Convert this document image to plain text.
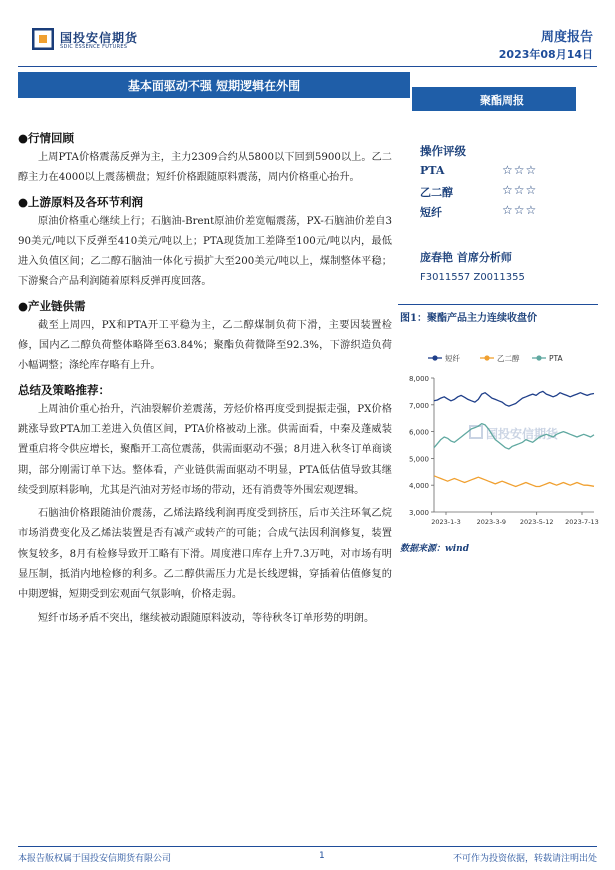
国投安信期货
SDIC ESSENCE FUTURES
周度报告
2023年08月14日
基本面驱动不强 短期逻辑在外围
聚酯周报
●行情回顾

上周PTA价格震荡反弹为主，主力2309合约从5800以下回到5900以上。乙二醇主力在4000以上震荡横盘；短纤价格跟随原料震荡，周内价格重心抬升。

●上游原料及各环节利润

原油价格重心继续上行；石脑油-Brent原油价差宽幅震荡，PX-石脑油价差自390美元/吨以下反弹至410美元/吨以上；PTA现货加工差降至100元/吨以内，最低进入负值区间；乙二醇石脑油一体化亏损扩大至200美元/吨以上，煤制整体平稳；下游聚合产品利润随着原料反弹再度回落。

●产业链供需

截至上周四，PX和PTA开工平稳为主，乙二醇煤制负荷下滑，主要因装置检修，国内乙二醇负荷整体略降至63.84%；聚酯负荷微降至92.3%，下游织造负荷小幅调整；涤纶库存略有上升。

总结及策略推荐：

上周油价重心抬升，汽油裂解价差震荡，芳烃价格再度受到提振走强，PX价格跳涨导致PTA加工差进入负值区间，PTA价格被动上涨。供需面看，中秦及蓬威装置重启将令供应增长，聚酯开工高位震荡，供需面驱动不强；8月进入秋冬订单商谈期，部分刚需订单下达。整体看，产业链供需面驱动不明显，PTA低估值导致其继续受到原料影响，尤其是汽油对芳烃市场的带动，还有消费等外围宏观逻辑。

石脑油价格跟随油价震荡，乙烯法路线利润再度受到挤压，后市关注环氧乙烷市场消费变化及乙烯法装置是否有减产或转产的可能；合成气法因利润修复，装置恢复较多，8月有检修导致开工略有下滑。周度港口库存上升7.3万吨，对市场有明显压制，抵消内地检修的利多。乙二醇供需压力尤是长线逻辑，穿插着估值修复的中期逻辑，短期受到宏观面气氛影响，价格走弱。

短纤市场矛盾不突出，继续被动跟随原料波动，等待秋冬订单形势的明朗。

操作评级
PTA	☆☆☆
乙二醇	☆☆☆
短纤	☆☆☆
庞春艳 首席分析师
F3011557 Z0011355
图1：聚酯产品主力连续收盘价
短纤	乙二醇	PTA
国投安信期货
3,000
4,000
5,000
6,000
7,000
8,000
2023-1-3 2023-3-9 2023-5-12 2023-7-13
数据来源：wind
本报告版权属于国投安信期货有限公司	1	不可作为投资依据，转载请注明出处
